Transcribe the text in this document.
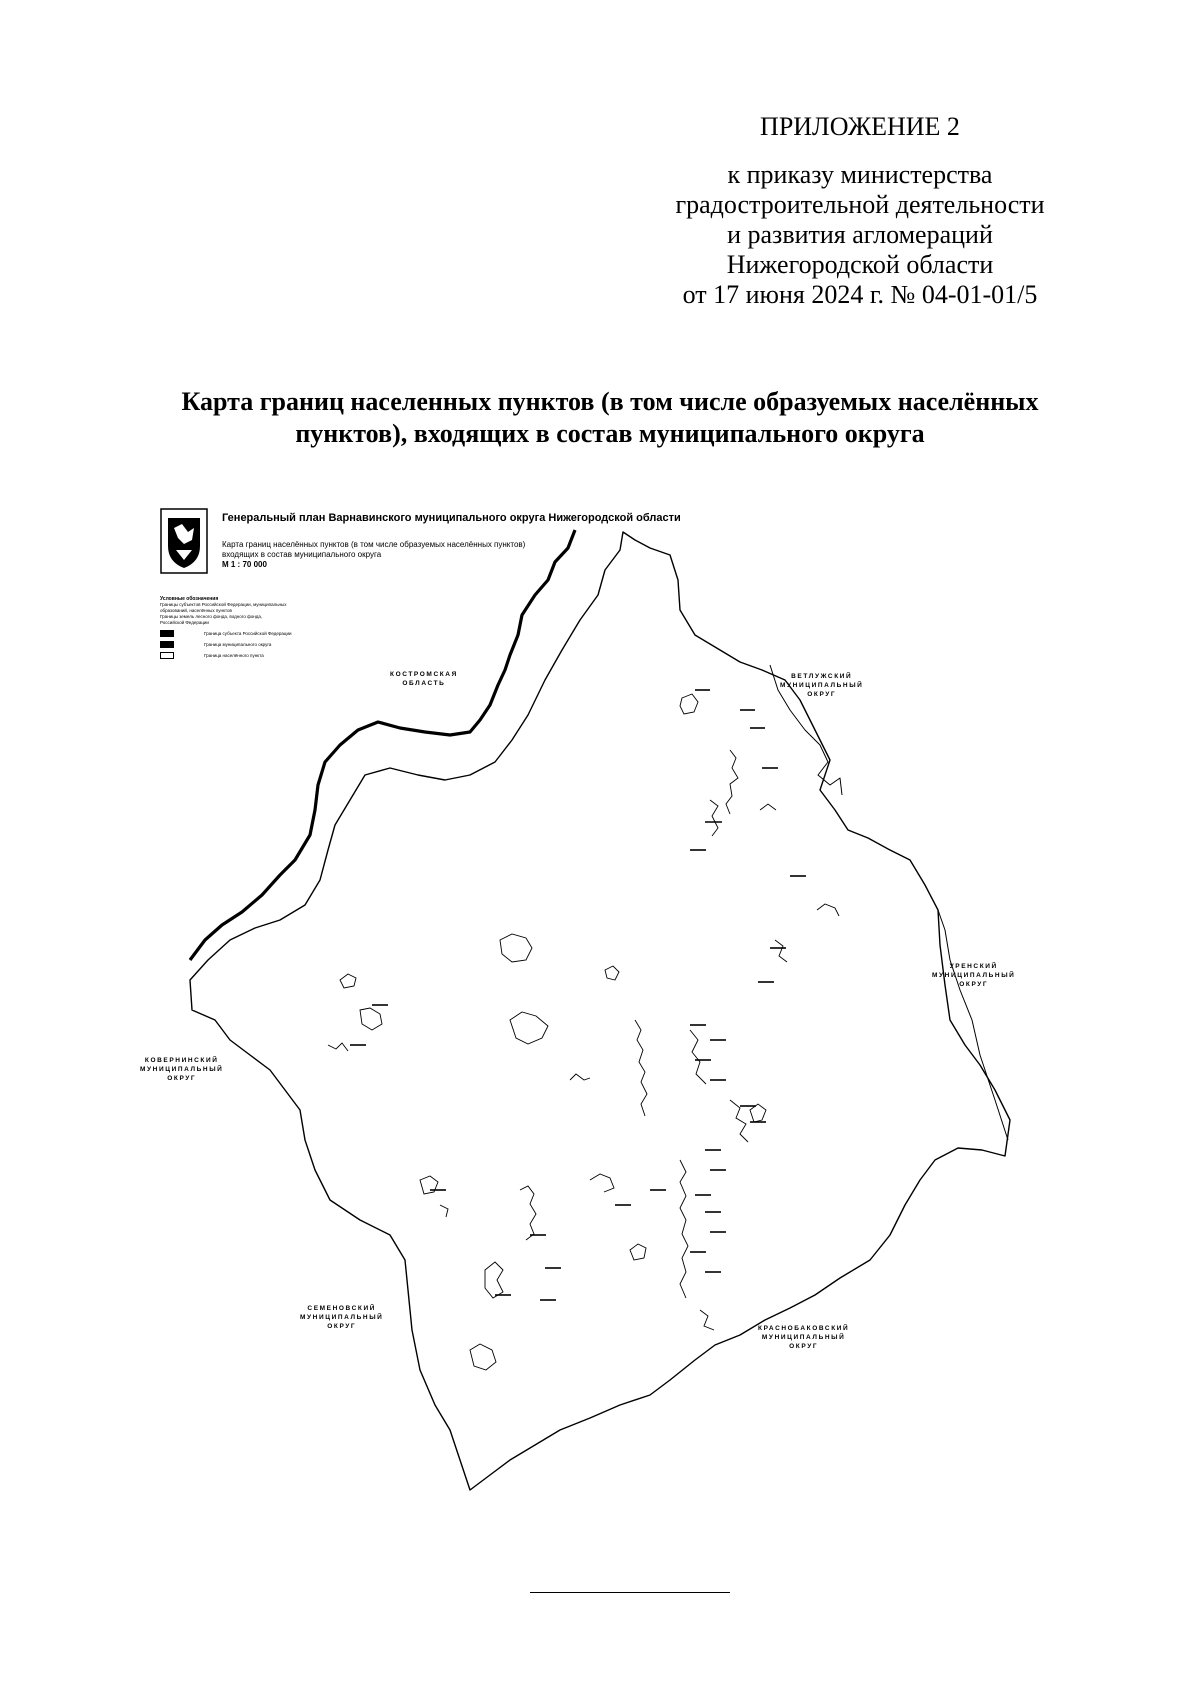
ПРИЛОЖЕНИЕ 2
к приказу министерства
градостроительной деятельности
и развития агломераций
Нижегородской области
от 17 июня 2024 г. № 04-01-01/5
Карта границ населенных пунктов (в том числе образуемых населённых
пунктов), входящих в состав муниципального округа
Генеральный план Варнавинского муниципального округа Нижегородской области
Карта границ населённых пунктов (в том числе образуемых населённых пунктов)
входящих в состав муниципального округа
М 1 : 70 000
Условные обозначения
Границы субъектов Российской Федерации, муниципальных
образований, населённых пунктов
Границы земель лесного фонда, водного фонда,
Российской Федерации
Граница субъекта Российской Федерации
Граница муниципального округа
Граница населённого пункта
КОСТРОМСКАЯ
ОБЛАСТЬ
ВЕТЛУЖСКИЙ
МУНИЦИПАЛЬНЫЙ
ОКРУГ
УРЕНСКИЙ
МУНИЦИПАЛЬНЫЙ
ОКРУГ
КОВЕРНИНСКИЙ
МУНИЦИПАЛЬНЫЙ
ОКРУГ
СЕМЕНОВСКИЙ
МУНИЦИПАЛЬНЫЙ
ОКРУГ	КРАСНОБАКОВСКИЙ
МУНИЦИПАЛЬНЫЙ
ОКРУГ
